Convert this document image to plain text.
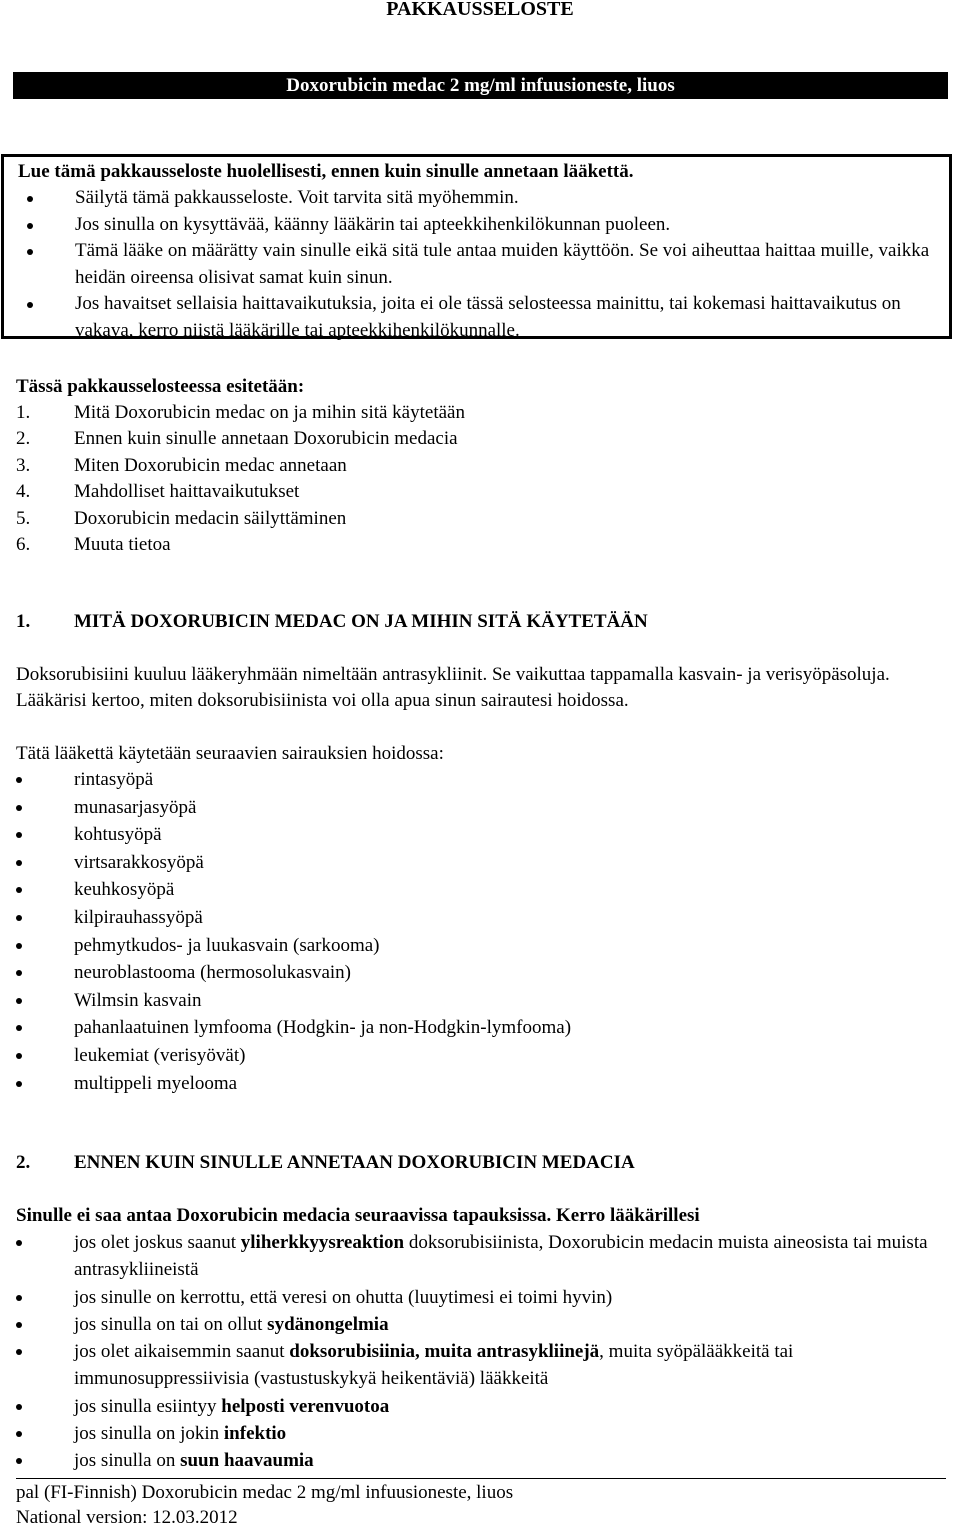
PAKKAUSSELOSTE
Doxorubicin medac 2 mg/ml infuusioneste, liuos
Lue tämä pakkausseloste huolellisesti, ennen kuin sinulle annetaan lääkettä.
Säilytä tämä pakkausseloste. Voit tarvita sitä myöhemmin.
Jos sinulla on kysyttävää, käänny lääkärin tai apteekkihenkilökunnan puoleen.
Tämä lääke on määrätty vain sinulle eikä sitä tule antaa muiden käyttöön. Se voi aiheuttaa haittaa muille, vaikka heidän oireensa olisivat samat kuin sinun.
Jos havaitset sellaisia haittavaikutuksia, joita ei ole tässä selosteessa mainittu, tai kokemasi haittavaikutus on vakava, kerro niistä lääkärille tai apteekkihenkilökunnalle.
Tässä pakkausselosteessa esitetään:
1. Mitä Doxorubicin medac on ja mihin sitä käytetään
2. Ennen kuin sinulle annetaan Doxorubicin medacia
3. Miten Doxorubicin medac annetaan
4. Mahdolliset haittavaikutukset
5. Doxorubicin medacin säilyttäminen
6. Muuta tietoa
1. MITÄ DOXORUBICIN MEDAC ON JA MIHIN SITÄ KÄYTETÄÄN
Doksorubisiini kuuluu lääkeryhmään nimeltään antrasykliinit. Se vaikuttaa tappamalla kasvain- ja verisyöpäsoluja. Lääkärisi kertoo, miten doksorubisiinista voi olla apua sinun sairautesi hoidossa.
Tätä lääkettä käytetään seuraavien sairauksien hoidossa:
rintasyöpä
munasarjasyöpä
kohtusyöpä
virtsarakkosyöpä
keuhkosyöpä
kilpirauhassyöpä
pehmytkudos- ja luukasvain (sarkooma)
neuroblastooma (hermosolukasvain)
Wilmsin kasvain
pahanlaatuinen lymfooma (Hodgkin- ja non-Hodgkin-lymfooma)
leukemiat (verisyövät)
multippeli myelooma
2. ENNEN KUIN SINULLE ANNETAAN DOXORUBICIN MEDACIA
Sinulle ei saa antaa Doxorubicin medacia seuraavissa tapauksissa. Kerro lääkärillesi
jos olet joskus saanut yliherkkyysreaktion doksorubisiinista, Doxorubicin medacin muista aineosista tai muista antrasykliineistä
jos sinulle on kerrottu, että veresi on ohutta (luuytimesi ei toimi hyvin)
jos sinulla on tai on ollut sydänongelmia
jos olet aikaisemmin saanut doksorubisiinia, muita antrasykliinejä, muita syöpälääkkeitä tai immunosuppressiivisia (vastustuskykyä heikentäviä) lääkkeitä
jos sinulla esiintyy helposti verenvuotoa
jos sinulla on jokin infektio
jos sinulla on suun haavaumia
pal (FI-Finnish) Doxorubicin medac 2 mg/ml infuusioneste, liuos
National version: 12.03.2012
